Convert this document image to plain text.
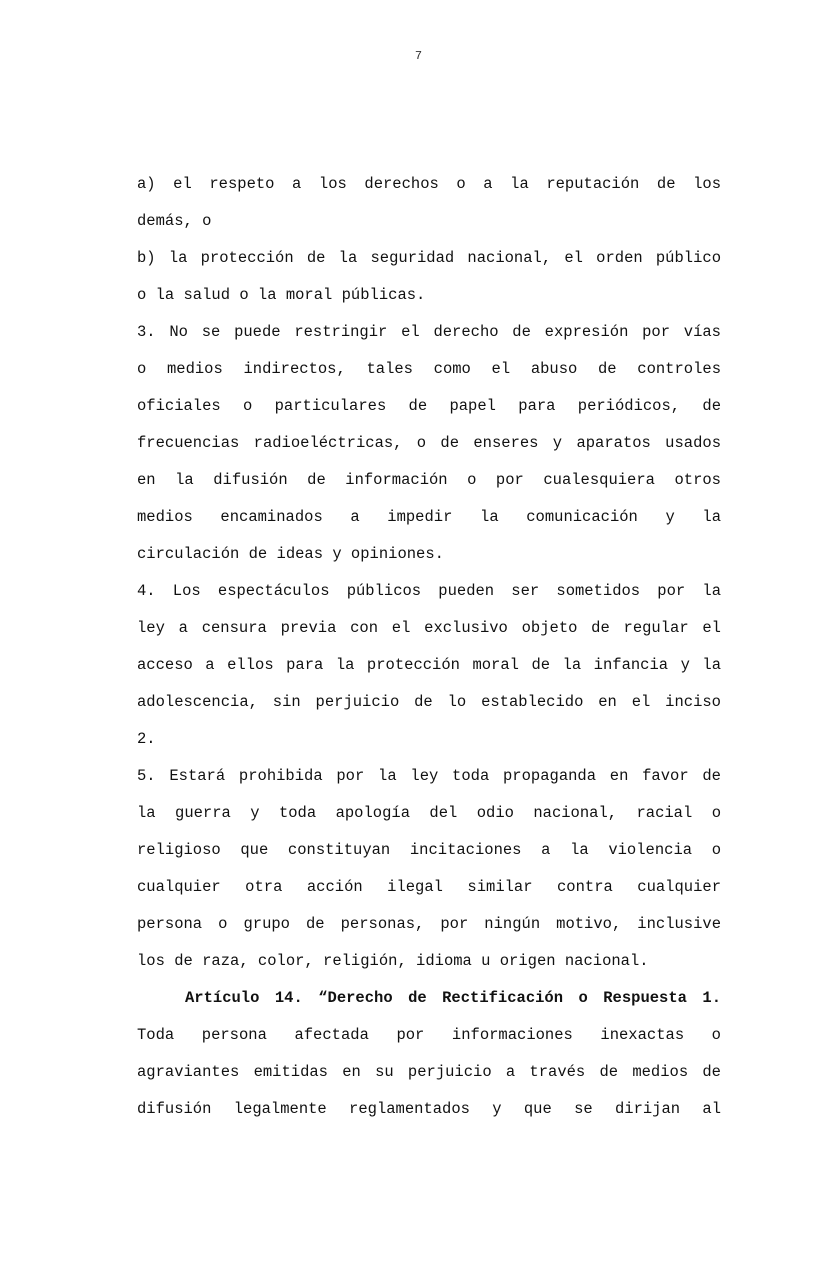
7
a) el respeto a los derechos o a la reputación de los
demás, o
b) la protección de la seguridad nacional, el orden público
o la salud o la moral públicas.
3. No se puede restringir el derecho de expresión por vías
o medios indirectos, tales como el abuso de controles
oficiales o particulares de papel para periódicos, de
frecuencias radioeléctricas, o de enseres y aparatos usados
en la difusión de información o por cualesquiera otros
medios encaminados a impedir la comunicación y la
circulación de ideas y opiniones.
4. Los espectáculos públicos pueden ser sometidos por la
ley a censura previa con el exclusivo objeto de regular el
acceso a ellos para la protección moral de la infancia y la
adolescencia, sin perjuicio de lo establecido en el inciso
2.
5. Estará prohibida por la ley toda propaganda en favor de
la guerra y toda apología del odio nacional, racial o
religioso que constituyan incitaciones a la violencia o
cualquier otra acción ilegal similar contra cualquier
persona o grupo de personas, por ningún motivo, inclusive
los de raza, color, religión, idioma u origen nacional.
Artículo 14. “Derecho de Rectificación o Respuesta 1.
Toda persona afectada por informaciones inexactas o
agraviantes emitidas en su perjuicio a través de medios de
difusión legalmente reglamentados y que se dirijan al
